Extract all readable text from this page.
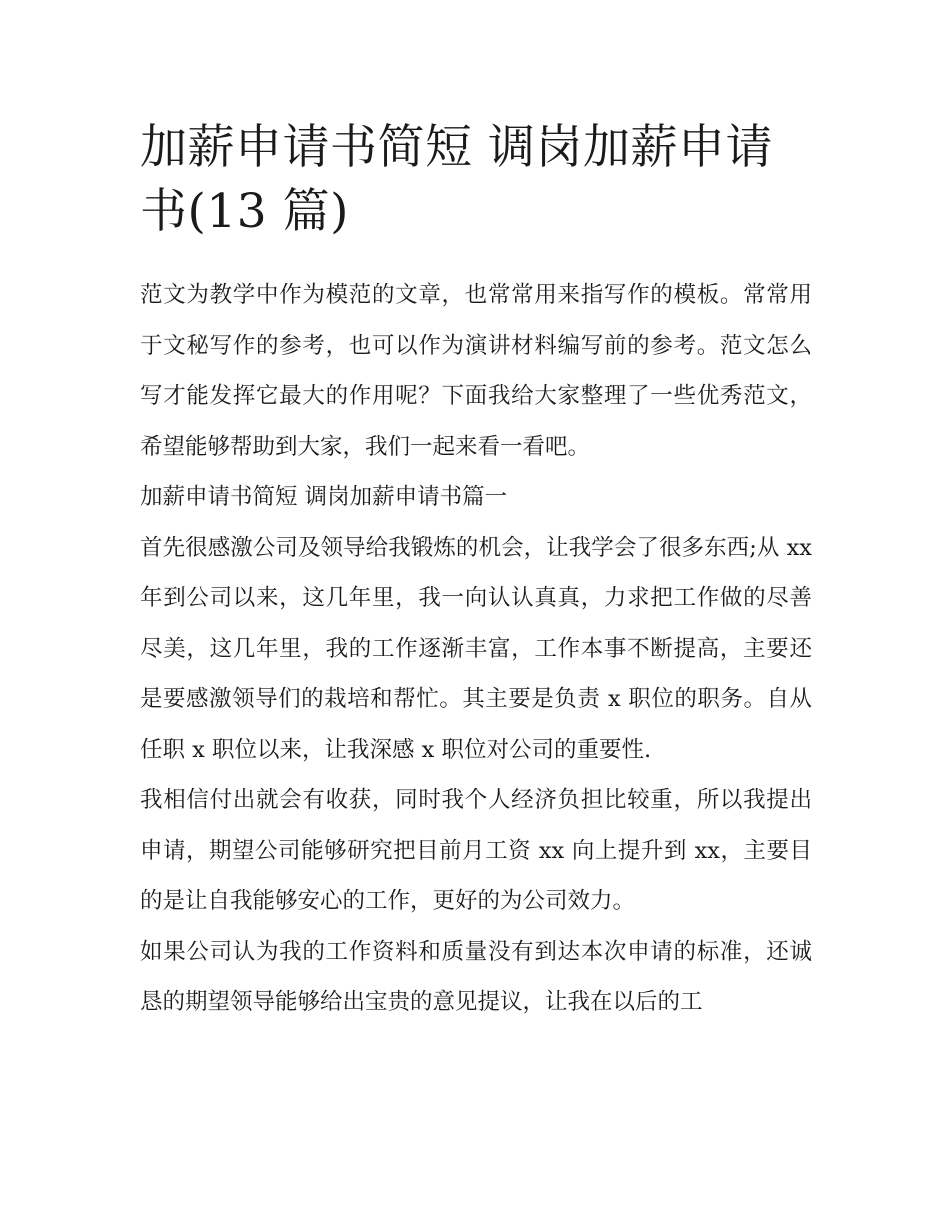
加薪申请书简短 调岗加薪申请书(13 篇)

范文为教学中作为模范的文章，也常常用来指写作的模板。常常用于文秘写作的参考，也可以作为演讲材料编写前的参考。范文怎么写才能发挥它最大的作用呢？下面我给大家整理了一些优秀范文，希望能够帮助到大家，我们一起来看一看吧。

加薪申请书简短 调岗加薪申请书篇一

首先很感激公司及领导给我锻炼的机会，让我学会了很多东西;从 xx 年到公司以来，这几年里，我一向认认真真，力求把工作做的尽善尽美，这几年里，我的工作逐渐丰富，工作本事不断提高，主要还是要感激领导们的栽培和帮忙。其主要是负责 x 职位的职务。自从任职 x 职位以来，让我深感 x 职位对公司的重要性.

我相信付出就会有收获，同时我个人经济负担比较重，所以我提出申请，期望公司能够研究把目前月工资 xx 向上提升到 xx，主要目的是让自我能够安心的工作，更好的为公司效力。

如果公司认为我的工作资料和质量没有到达本次申请的标准，还诚恳的期望领导能够给出宝贵的意见提议，让我在以后的工
